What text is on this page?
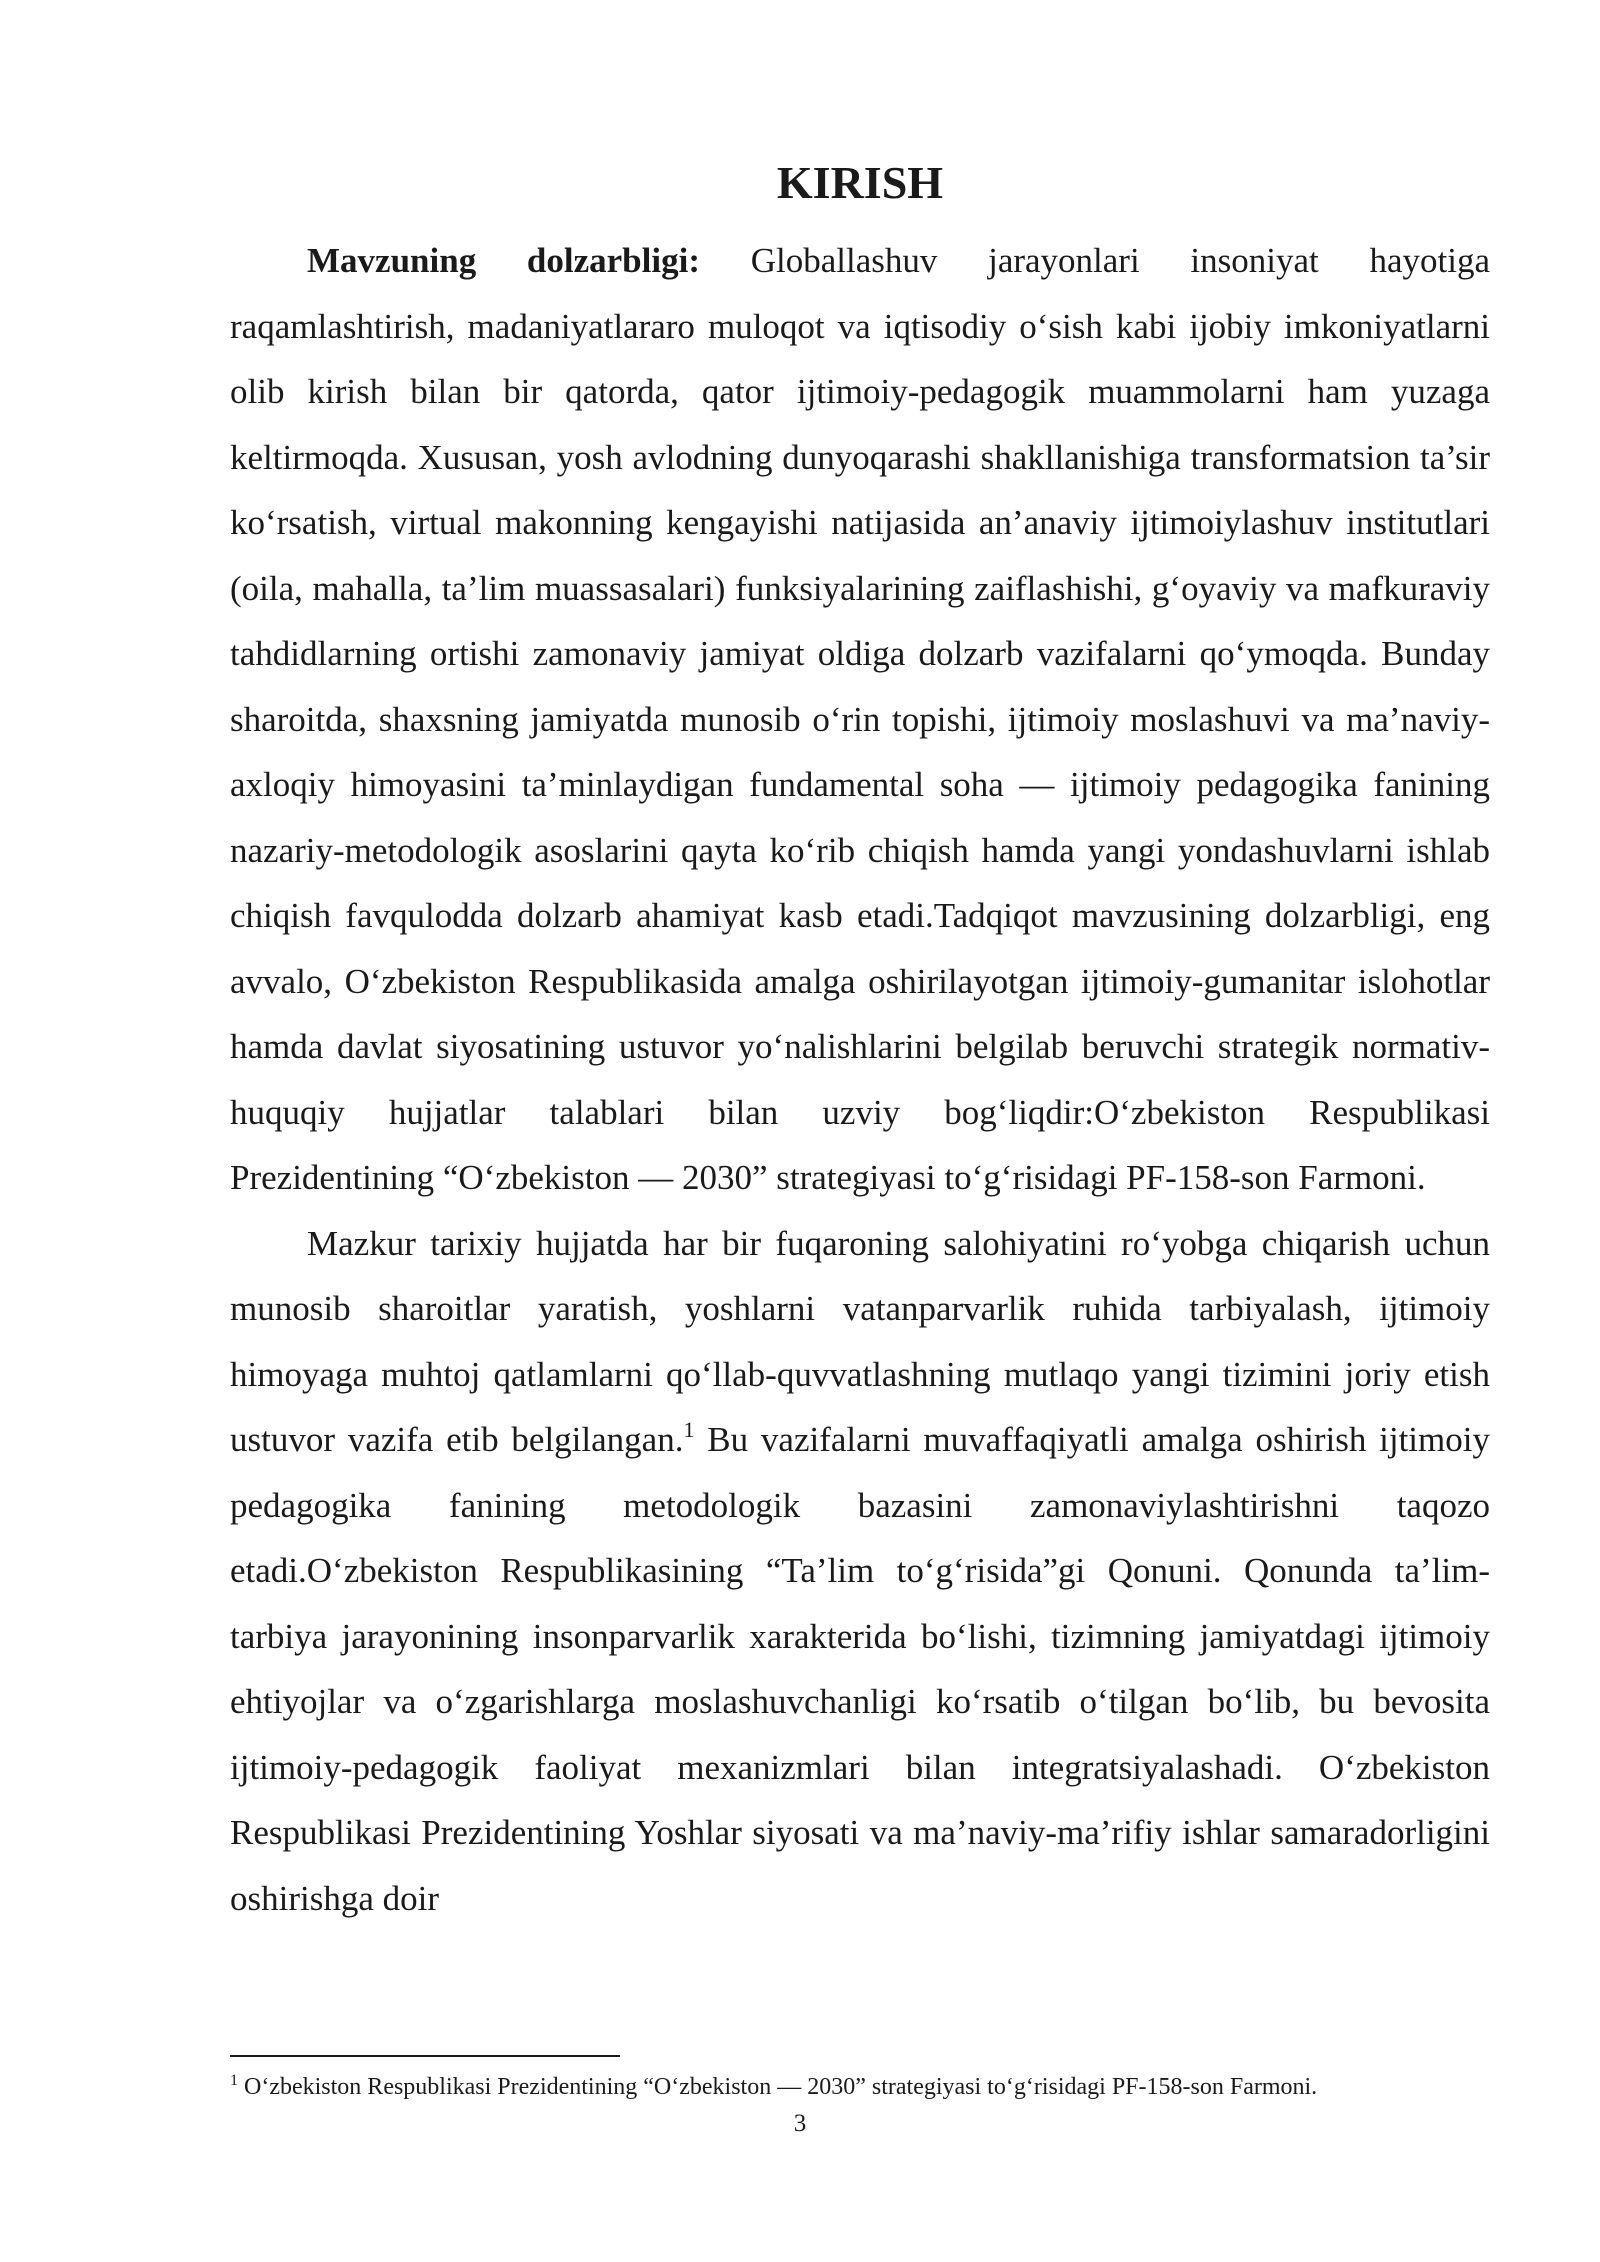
KIRISH

Mavzuning dolzarbligi: Globallashuv jarayonlari insoniyat hayotiga raqamlashtirish, madaniyatlararo muloqot va iqtisodiy o‘sish kabi ijobiy imkoniyatlarni olib kirish bilan bir qatorda, qator ijtimoiy-pedagogik muammolarni ham yuzaga keltirmoqda. Xususan, yosh avlodning dunyoqarashi shakllanishiga transformatsion ta’sir ko‘rsatish, virtual makonning kengayishi natijasida an’anaviy ijtimoiylashuv institutlari (oila, mahalla, ta’lim muassasalari) funksiyalarining zaiflashishi, g‘oyaviy va mafkuraviy tahdidlarning ortishi zamonaviy jamiyat oldiga dolzarb vazifalarni qo‘ymoqda. Bunday sharoitda, shaxsning jamiyatda munosib o‘rin topishi, ijtimoiy moslashuvi va ma’naviy-axloqiy himoyasini ta’minlaydigan fundamental soha — ijtimoiy pedagogika fanining nazariy-metodologik asoslarini qayta ko‘rib chiqish hamda yangi yondashuvlarni ishlab chiqish favqulodda dolzarb ahamiyat kasb etadi.Tadqiqot mavzusining dolzarbligi, eng avvalo, O‘zbekiston Respublikasida amalga oshirilayotgan ijtimoiy-gumanitar islohotlar hamda davlat siyosatining ustuvor yo‘nalishlarini belgilab beruvchi strategik normativ-huquqiy hujjatlar talablari bilan uzviy bog‘liqdir:O‘zbekiston Respublikasi Prezidentining “O‘zbekiston — 2030” strategiyasi to‘g‘risidagi PF-158-son Farmoni.

Mazkur tarixiy hujjatda har bir fuqaroning salohiyatini ro‘yobga chiqarish uchun munosib sharoitlar yaratish, yoshlarni vatanparvarlik ruhida tarbiyalash, ijtimoiy himoyaga muhtoj qatlamlarni qo‘llab-quvvatlashning mutlaqo yangi tizimini joriy etish ustuvor vazifa etib belgilangan.$^1$ Bu vazifalarni muvaffaqiyatli amalga oshirish ijtimoiy pedagogika fanining metodologik bazasini zamonaviylashtirishni taqozo etadi.O‘zbekiston Respublikasining “Ta’lim to‘g‘risida”gi Qonuni. Qonunda ta’lim-tarbiya jarayonining insonparvarlik xarakterida bo‘lishi, tizimning jamiyatdagi ijtimoiy ehtiyojlar va o‘zgarishlarga moslashuvchanligi ko‘rsatib o‘tilgan bo‘lib, bu bevosita ijtimoiy-pedagogik faoliyat mexanizmlari bilan integratsiyalashadi. O‘zbekiston Respublikasi Prezidentining Yoshlar siyosati va ma’naviy-ma’rifiy ishlar samaradorligini oshirishga doir

$^1$ O‘zbekiston Respublikasi Prezidentining “O‘zbekiston — 2030” strategiyasi to‘g‘risidagi PF-158-son Farmoni.
3
